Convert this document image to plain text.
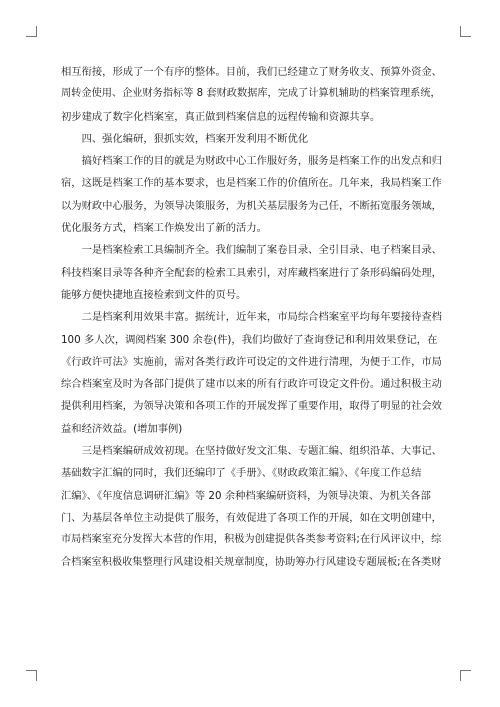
相互衔接，形成了一个有序的整体。目前，我们已经建立了财务收支、预算外资金、
周转金使用、企业财务指标等 8 套财政数据库，完成了计算机辅助的档案管理系统，
初步建成了数字化档案室，真正做到档案信息的远程传输和资源共享。
四、强化编研，狠抓实效，档案开发利用不断优化
搞好档案工作的目的就是为财政中心工作服好务，服务是档案工作的出发点和归
宿，这既是档案工作的基本要求，也是档案工作的价值所在。几年来，我局档案工作
以为财政中心服务，为领导决策服务，为机关基层服务为己任，不断拓宽服务领域，
优化服务方式，档案工作焕发出了新的活力。
一是档案检索工具编制齐全。我们编制了案卷目录、全引目录、电子档案目录、
科技档案目录等各种齐全配套的检索工具索引，对库藏档案进行了条形码编码处理，
能够方便快捷地直接检索到文件的页号。
二是档案利用效果丰富。据统计，近年来，市局综合档案室平均每年要接待查档
100 多人次，调阅档案 300 余卷(件)，我们均做好了查询登记和利用效果登记，在
《行政许可法》实施前，需对各类行政许可设定的文件进行清理，为便于工作，市局
综合档案室及时为各部门提供了建市以来的所有行政许可设定文件份。通过积极主动
提供利用档案，为领导决策和各项工作的开展发挥了重要作用，取得了明显的社会效
益和经济效益。(增加事例)
三是档案编研成效初现。在坚持做好发文汇集、专题汇编、组织沿革、大事记、
基础数字汇编的同时，我们还编印了《手册》、《财政政策汇编》、《年度工作总结
汇编》、《年度信息调研汇编》等 20 余种档案编研资料，为领导决策、为机关各部
门、为基层各单位主动提供了服务，有效促进了各项工作的开展，如在文明创建中，
市局档案室充分发挥大本营的作用，积极为创建提供各类参考资料;在行风评议中，综
合档案室积极收集整理行风建设相关规章制度，协助筹办行风建设专题展板;在各类财
